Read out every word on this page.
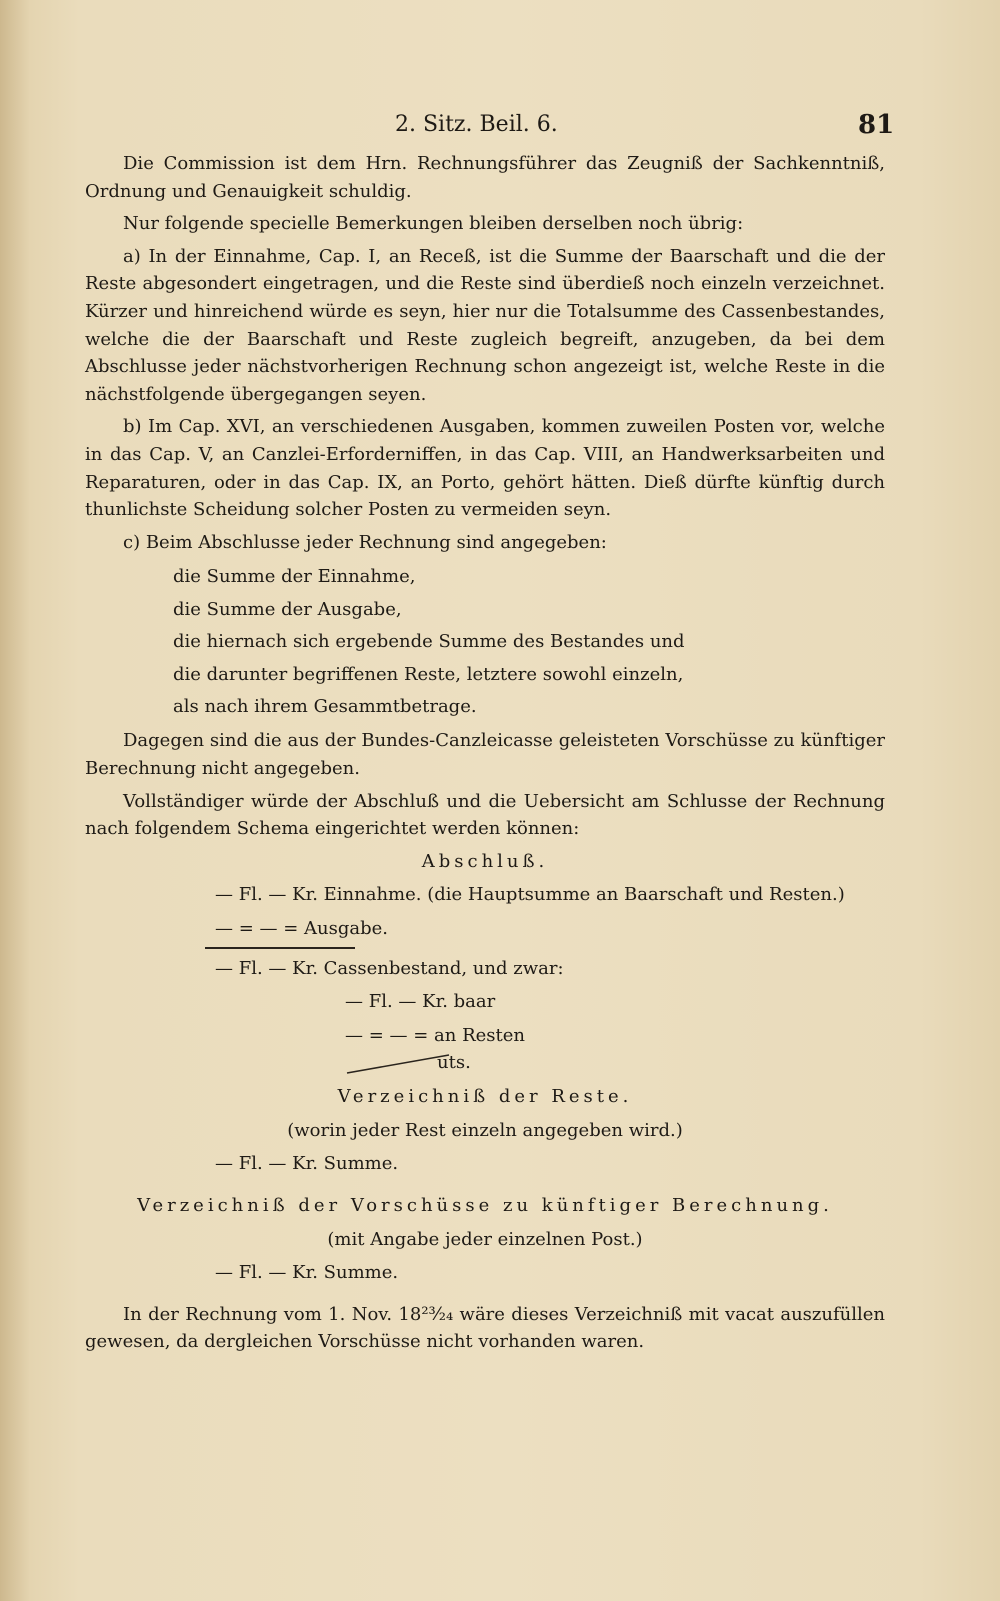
2. Sitz. Beil. 6.	81

Die Commission ist dem Hrn. Rechnungsführer das Zeugniß der Sachkenntniß, Ordnung und Genauigkeit schuldig.

Nur folgende specielle Bemerkungen bleiben derselben noch übrig:

a) In der Einnahme, Cap. I, an Receß, ist die Summe der Baarschaft und die der Reste abgesondert eingetragen, und die Reste sind überdieß noch einzeln verzeichnet. Kürzer und hinreichend würde es seyn, hier nur die Totalsumme des Cassenbestandes, welche die der Baarschaft und Reste zugleich begreift, anzugeben, da bei dem Abschlusse jeder nächstvorherigen Rechnung schon angezeigt ist, welche Reste in die nächstfolgende übergegangen seyen.

b) Im Cap. XVI, an verschiedenen Ausgaben, kommen zuweilen Posten vor, welche in das Cap. V, an Canzlei-Erforderniffen, in das Cap. VIII, an Handwerksarbeiten und Reparaturen, oder in das Cap. IX, an Porto, gehört hätten. Dieß dürfte künftig durch thunlichste Scheidung solcher Posten zu vermeiden seyn.

c) Beim Abschlusse jeder Rechnung sind angegeben:

die Summe der Einnahme,
die Summe der Ausgabe,
die hiernach sich ergebende Summe des Bestandes und
die darunter begriffenen Reste, letztere sowohl einzeln,
als nach ihrem Gesammtbetrage.

Dagegen sind die aus der Bundes-Canzleicasse geleisteten Vorschüsse zu künftiger Berechnung nicht angegeben.

Vollständiger würde der Abschluß und die Uebersicht am Schlusse der Rechnung nach folgendem Schema eingerichtet werden können:

Abschluß.
— Fl. — Kr. Einnahme. (die Hauptsumme an Baarschaft und Resten.)
— = — = Ausgabe.
— Fl. — Kr. Cassenbestand, und zwar:
— Fl. — Kr. baar
— = — = an Resten
uts.
Verzeichniß der Reste.
(worin jeder Rest einzeln angegeben wird.)
— Fl. — Kr. Summe.
Verzeichniß der Vorschüsse zu künftiger Berechnung.
(mit Angabe jeder einzelnen Post.)
— Fl. — Kr. Summe.

In der Rechnung vom 1. Nov. 18²³⁄₂₄ wäre dieses Verzeichniß mit vacat auszufüllen gewesen, da dergleichen Vorschüsse nicht vorhanden waren.
